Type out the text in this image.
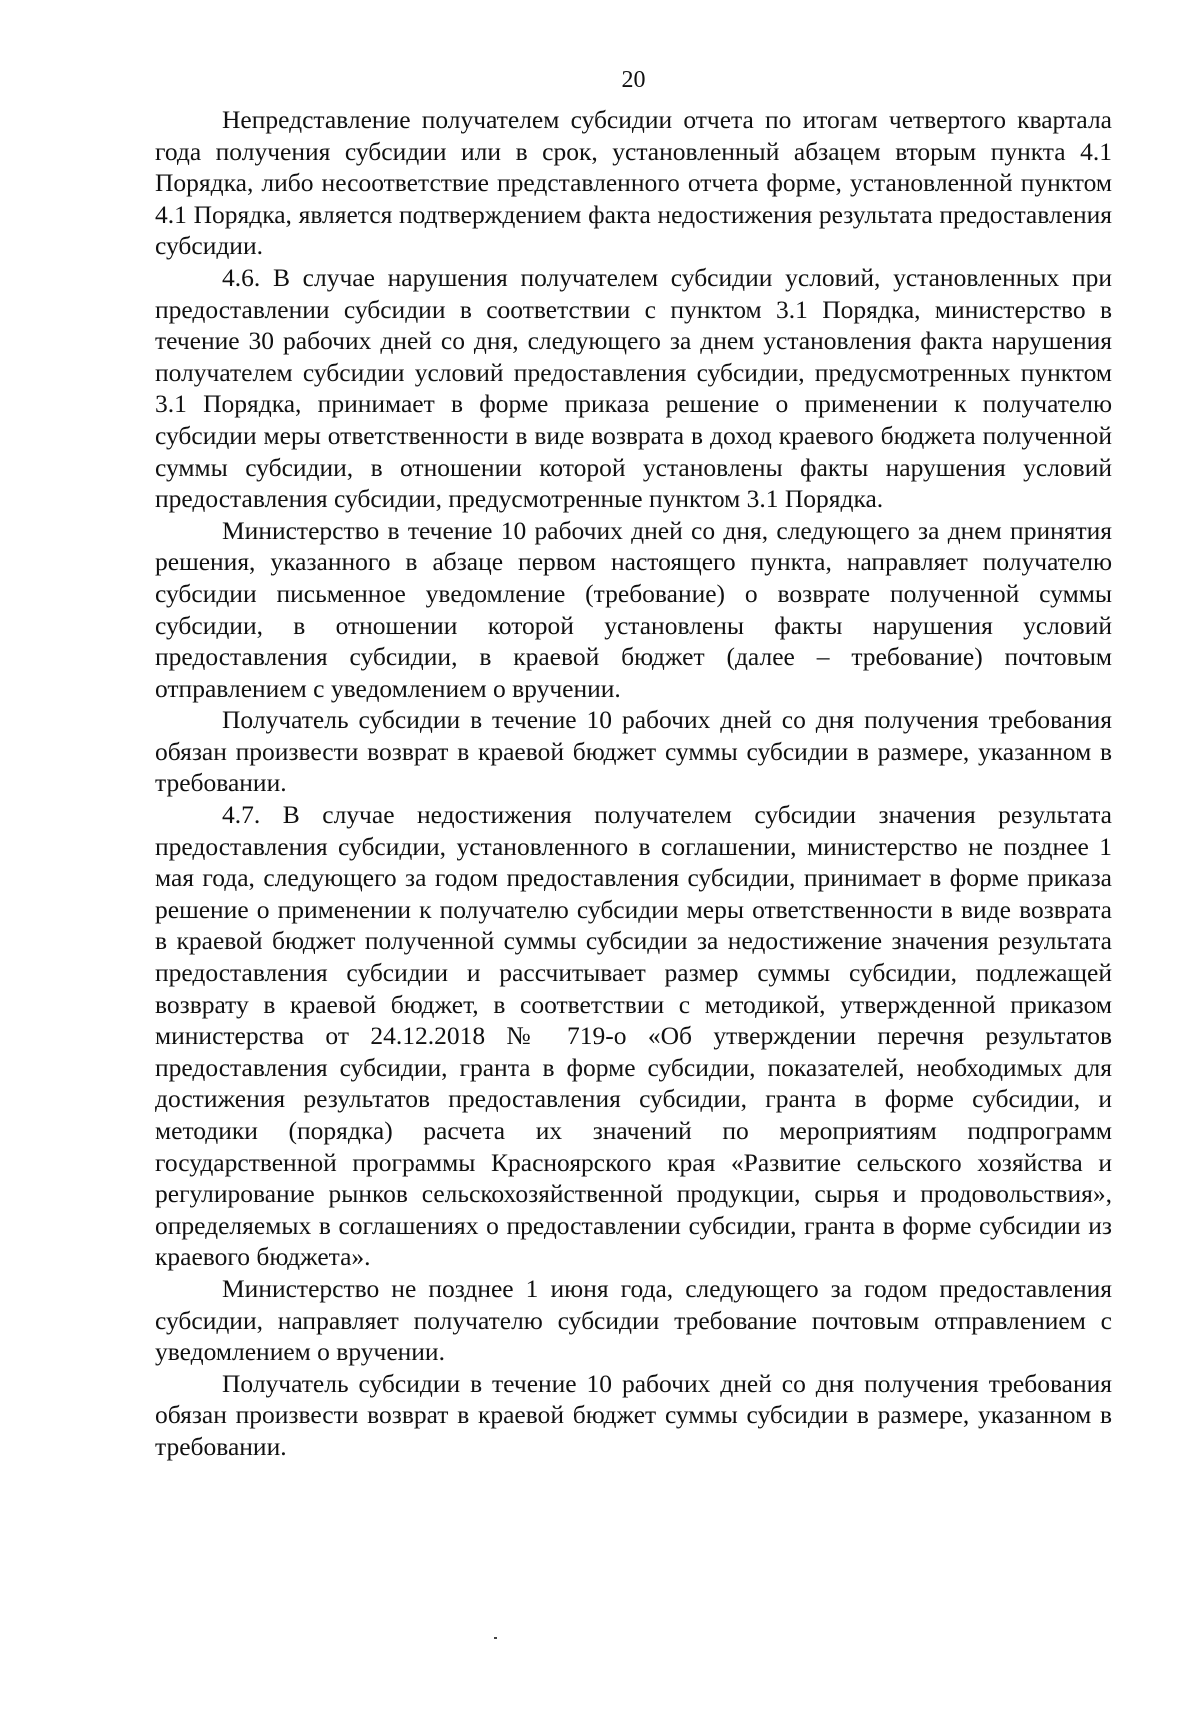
20

Непредставление получателем субсидии отчета по итогам четвертого квартала года получения субсидии или в срок, установленный абзацем вторым пункта 4.1 Порядка, либо несоответствие представленного отчета форме, установленной пунктом 4.1 Порядка, является подтверждением факта недостижения результата предоставления субсидии.

4.6. В случае нарушения получателем субсидии условий, установленных при предоставлении субсидии в соответствии с пунктом 3.1 Порядка, министерство в течение 30 рабочих дней со дня, следующего за днем установления факта нарушения получателем субсидии условий предоставления субсидии, предусмотренных пунктом 3.1 Порядка, принимает в форме приказа решение о применении к получателю субсидии меры ответственности в виде возврата в доход краевого бюджета полученной суммы субсидии, в отношении которой установлены факты нарушения условий предоставления субсидии, предусмотренные пунктом 3.1 Порядка.

Министерство в течение 10 рабочих дней со дня, следующего за днем принятия решения, указанного в абзаце первом настоящего пункта, направляет получателю субсидии письменное уведомление (требование) о возврате полученной суммы субсидии, в отношении которой установлены факты нарушения условий предоставления субсидии, в краевой бюджет (далее – требование) почтовым отправлением с уведомлением о вручении.

Получатель субсидии в течение 10 рабочих дней со дня получения требования обязан произвести возврат в краевой бюджет суммы субсидии в размере, указанном в требовании.

4.7. В случае недостижения получателем субсидии значения результата предоставления субсидии, установленного в соглашении, министерство не позднее 1 мая года, следующего за годом предоставления субсидии, принимает в форме приказа решение о применении к получателю субсидии меры ответственности в виде возврата в краевой бюджет полученной суммы субсидии за недостижение значения результата предоставления субсидии и рассчитывает размер суммы субсидии, подлежащей возврату в краевой бюджет, в соответствии с методикой, утвержденной приказом министерства от 24.12.2018 № 719-о «Об утверждении перечня результатов предоставления субсидии, гранта в форме субсидии, показателей, необходимых для достижения результатов предоставления субсидии, гранта в форме субсидии, и методики (порядка) расчета их значений по мероприятиям подпрограмм государственной программы Красноярского края «Развитие сельского хозяйства и регулирование рынков сельскохозяйственной продукции, сырья и продовольствия», определяемых в соглашениях о предоставлении субсидии, гранта в форме субсидии из краевого бюджета».

Министерство не позднее 1 июня года, следующего за годом предоставления субсидии, направляет получателю субсидии требование почтовым отправлением с уведомлением о вручении.

Получатель субсидии в течение 10 рабочих дней со дня получения требования обязан произвести возврат в краевой бюджет суммы субсидии в размере, указанном в требовании.
